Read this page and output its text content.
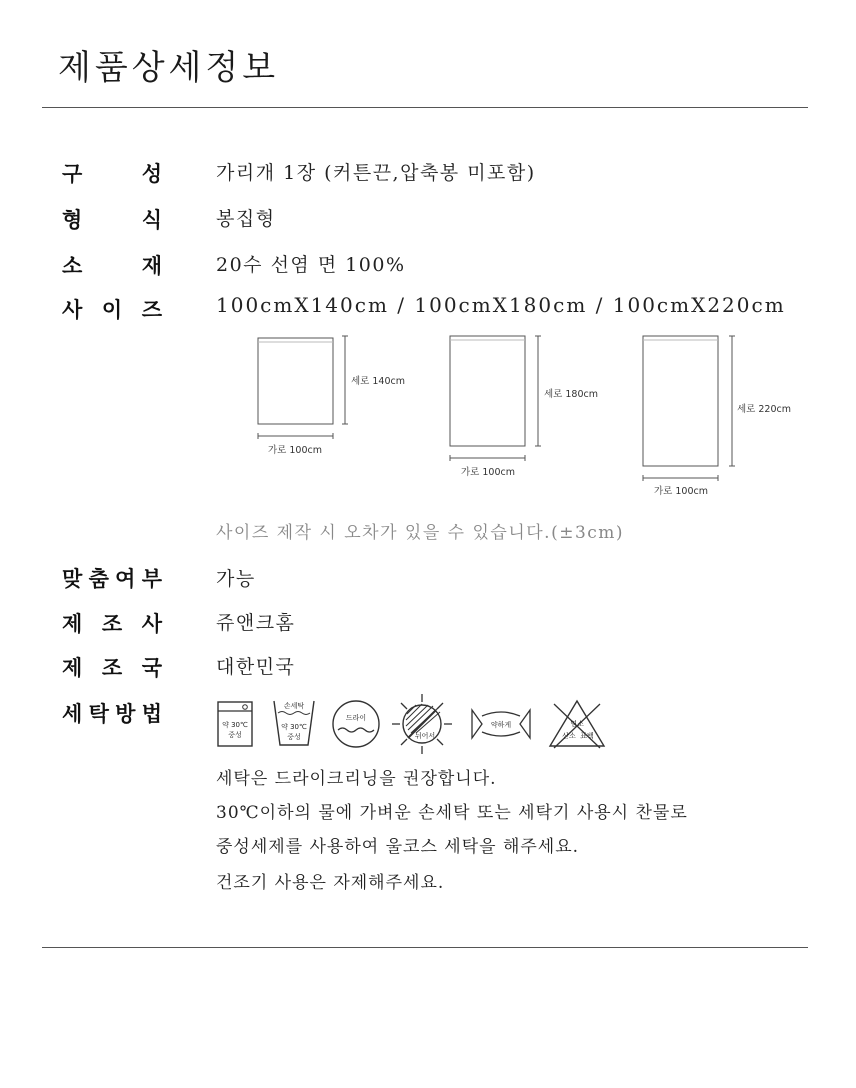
제품상세정보
구	성	가리개 1장 (커튼끈,압축봉 미포함)
형	식	봉집형
소	재	20수 선염 면 100%
사 이 즈	100cmX140cm / 100cmX180cm / 100cmX220cm
세로 140cm
가로 100cm
세로 180cm
가로 100cm
세로 220cm
가로 100cm
사이즈 제작 시 오차가 있을 수 있습니다.(±3cm)
맞 춤 여 부	가능
제 조 사	쥬앤크홈
제 조 국	대한민국
세 탁 방 법	약 30℃
중성
손세탁
약 30℃
중성
드라이
뉘어서
약하게	염소
산소 표백
세탁은 드라이크리닝을 권장합니다.
30℃이하의 물에 가벼운 손세탁 또는 세탁기 사용시 찬물로
중성세제를 사용하여 울코스 세탁을 해주세요.
건조기 사용은 자제해주세요.
